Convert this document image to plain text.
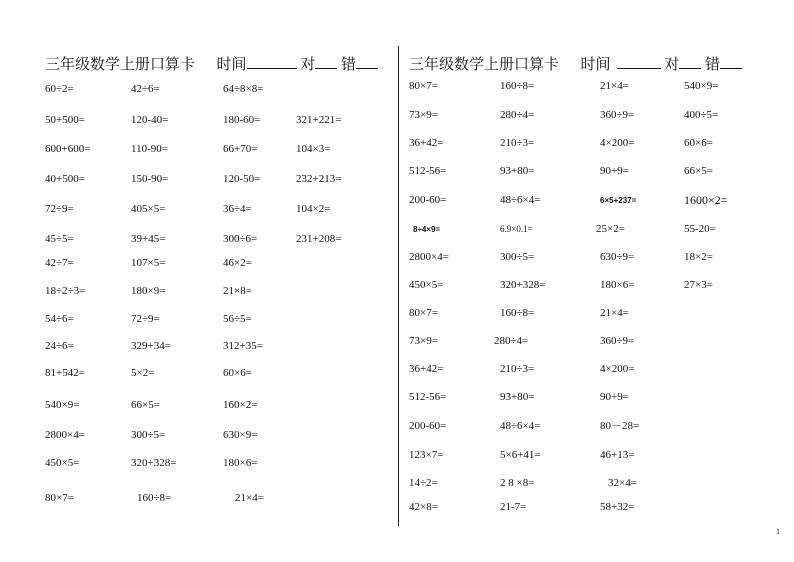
三年级数学上册口算卡 时间	对 错	三年级数学上册口算卡 时间	对 错
60÷2=	42÷6=	64÷8×8=
50+500=	120-40=	180-60=	321+221=
600+600=	110-90=	66+70=	104×3=
40+500=	150-90=	120-50=	232+213=
72÷9=	405×5=	36÷4=	104×2=
45÷5=	39+45=	300÷6=	231+208=
42÷7=	107×5=	46×2=
18÷2÷3=	180×9=	21×8=
54÷6=	72÷9=	56÷5=
24÷6=	329+34=	312+35=
81+542=	5×2=	60×6=
540×9=	66×5=	160×2=
2800×4=	300÷5=	630×9=
450×5=	320+328=	180×6=
80×7=	160÷8=	21×4=
80×7=	160÷8=	21×4=	540×9=
73×9=	280÷4=	360÷9=	400÷5=
36+42=	210÷3=	4×200=	60×6=
512-56=	93+80=	90+9=	66×5=
200-60=	48÷6×4=	6×5+237=	1600×2=
8÷4×9=	6.9×0.1=	25×2=	55-20=
2800×4=	300÷5=	630÷9=	18×2=
450×5=	320+328=	180×6=	27×3=
80×7=	160÷8=	21×4=
73×9=	280÷4=	360÷9=
36+42=	210÷3=	4×200=
512-56=	93+80=	90+9=
200-60=	48÷6×4=	80－28=
123×7=	5×6+41=	46+13=
14÷2=	2 8 ×8=	32×4=
42×8=	21-7=	58+32=
1
